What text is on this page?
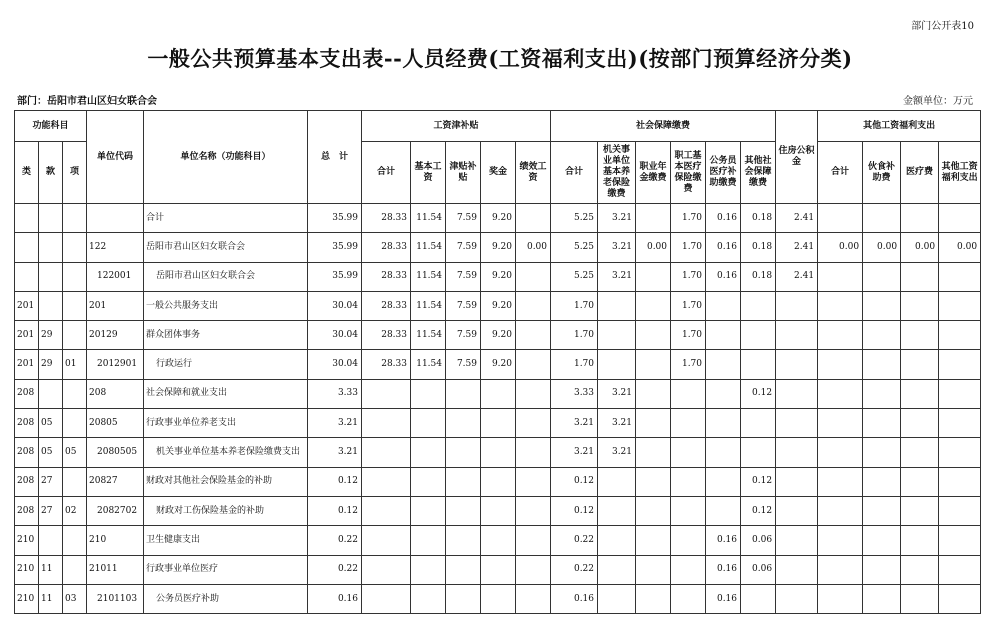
部门公开表10
一般公共预算基本支出表--人员经费(工资福利支出)(按部门预算经济分类)
部门：岳阳市君山区妇女联合会	金额单位：万元
功能科目			单位代码	单位名称（功能科目）	总　计	工资津补贴					社会保障缴费						住房公积金	其他工资福利支出			
类	款	项				合计	基本工资	津贴补贴	奖金	绩效工资	合计	机关事业单位基本养老保险缴费	职业年金缴费	职工基本医疗保险缴费	公务员医疗补助缴费	其他社会保障缴费		合计	伙食补助费	医疗费	其他工资福利支出
				合计	35.99	28.33	11.54	7.59	9.20		5.25	3.21		1.70	0.16	0.18	2.41				
			122	岳阳市君山区妇女联合会	35.99	28.33	11.54	7.59	9.20	0.00	5.25	3.21	0.00	1.70	0.16	0.18	2.41	0.00	0.00	0.00	0.00
			122001	岳阳市君山区妇女联合会	35.99	28.33	11.54	7.59	9.20		5.25	3.21		1.70	0.16	0.18	2.41				
201			201	一般公共服务支出	30.04	28.33	11.54	7.59	9.20		1.70			1.70							
201	29		20129	群众团体事务	30.04	28.33	11.54	7.59	9.20		1.70			1.70							
201	29	01	2012901	行政运行	30.04	28.33	11.54	7.59	9.20		1.70			1.70							
208			208	社会保障和就业支出	3.33						3.33	3.21				0.12					
208	05		20805	行政事业单位养老支出	3.21						3.21	3.21									
208	05	05	2080505	机关事业单位基本养老保险缴费支出	3.21						3.21	3.21									
208	27		20827	财政对其他社会保险基金的补助	0.12						0.12					0.12					
208	27	02	2082702	财政对工伤保险基金的补助	0.12						0.12					0.12					
210			210	卫生健康支出	0.22						0.22				0.16	0.06					
210	11		21011	行政事业单位医疗	0.22						0.22				0.16	0.06					
210	11	03	2101103	公务员医疗补助	0.16						0.16				0.16						
